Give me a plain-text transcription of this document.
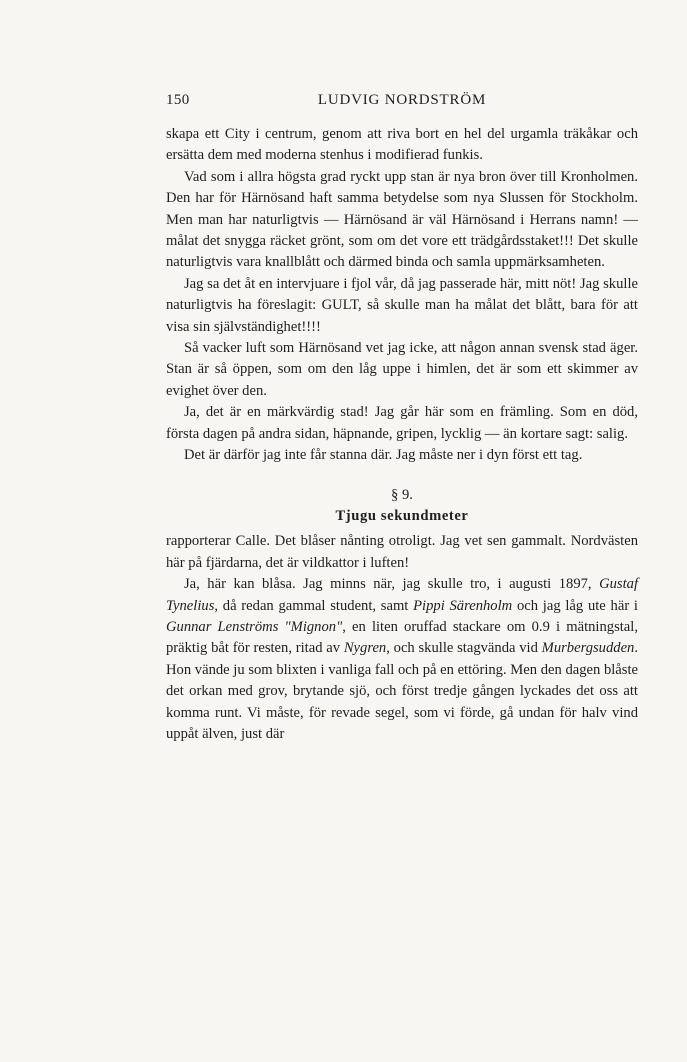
150	LUDVIG NORDSTRÖM

skapa ett City i centrum, genom att riva bort en hel del urgamla träkåkar och ersätta dem med moderna stenhus i modifierad funkis.

Vad som i allra högsta grad ryckt upp stan är nya bron över till Kronholmen. Den har för Härnösand haft samma betydelse som nya Slussen för Stockholm. Men man har naturligtvis — Härnösand är väl Härnösand i Herrans namn! — målat det snygga räcket grönt, som om det vore ett trädgårdsstaket!!! Det skulle naturligtvis vara knallblått och därmed binda och samla uppmärksamheten.

Jag sa det åt en intervjuare i fjol vår, då jag passerade här, mitt nöt! Jag skulle naturligtvis ha föreslagit: GULT, så skulle man ha målat det blått, bara för att visa sin självständighet!!!!

Så vacker luft som Härnösand vet jag icke, att någon annan svensk stad äger. Stan är så öppen, som om den låg uppe i himlen, det är som ett skimmer av evighet över den.

Ja, det är en märkvärdig stad! Jag går här som en främling. Som en död, första dagen på andra sidan, häpnande, gripen, lycklig — än kortare sagt: salig.

Det är därför jag inte får stanna där. Jag måste ner i dyn först ett tag.

§ 9.

Tjugu sekundmeter

rapporterar Calle. Det blåser nånting otroligt. Jag vet sen gammalt. Nordvästen här på fjärdarna, det är vildkattor i luften!

Ja, här kan blåsa. Jag minns när, jag skulle tro, i augusti 1897, Gustaf Tynelius, då redan gammal student, samt Pippi Särenholm och jag låg ute här i Gunnar Lenströms "Mignon", en liten oruffad stackare om 0.9 i mätningstal, präktig båt för resten, ritad av Nygren, och skulle stagvända vid Murbergsudden. Hon vände ju som blixten i vanliga fall och på en ettöring. Men den dagen blåste det orkan med grov, brytande sjö, och först tredje gången lyckades det oss att komma runt. Vi måste, för revade segel, som vi förde, gå undan för halv vind uppåt älven, just där
